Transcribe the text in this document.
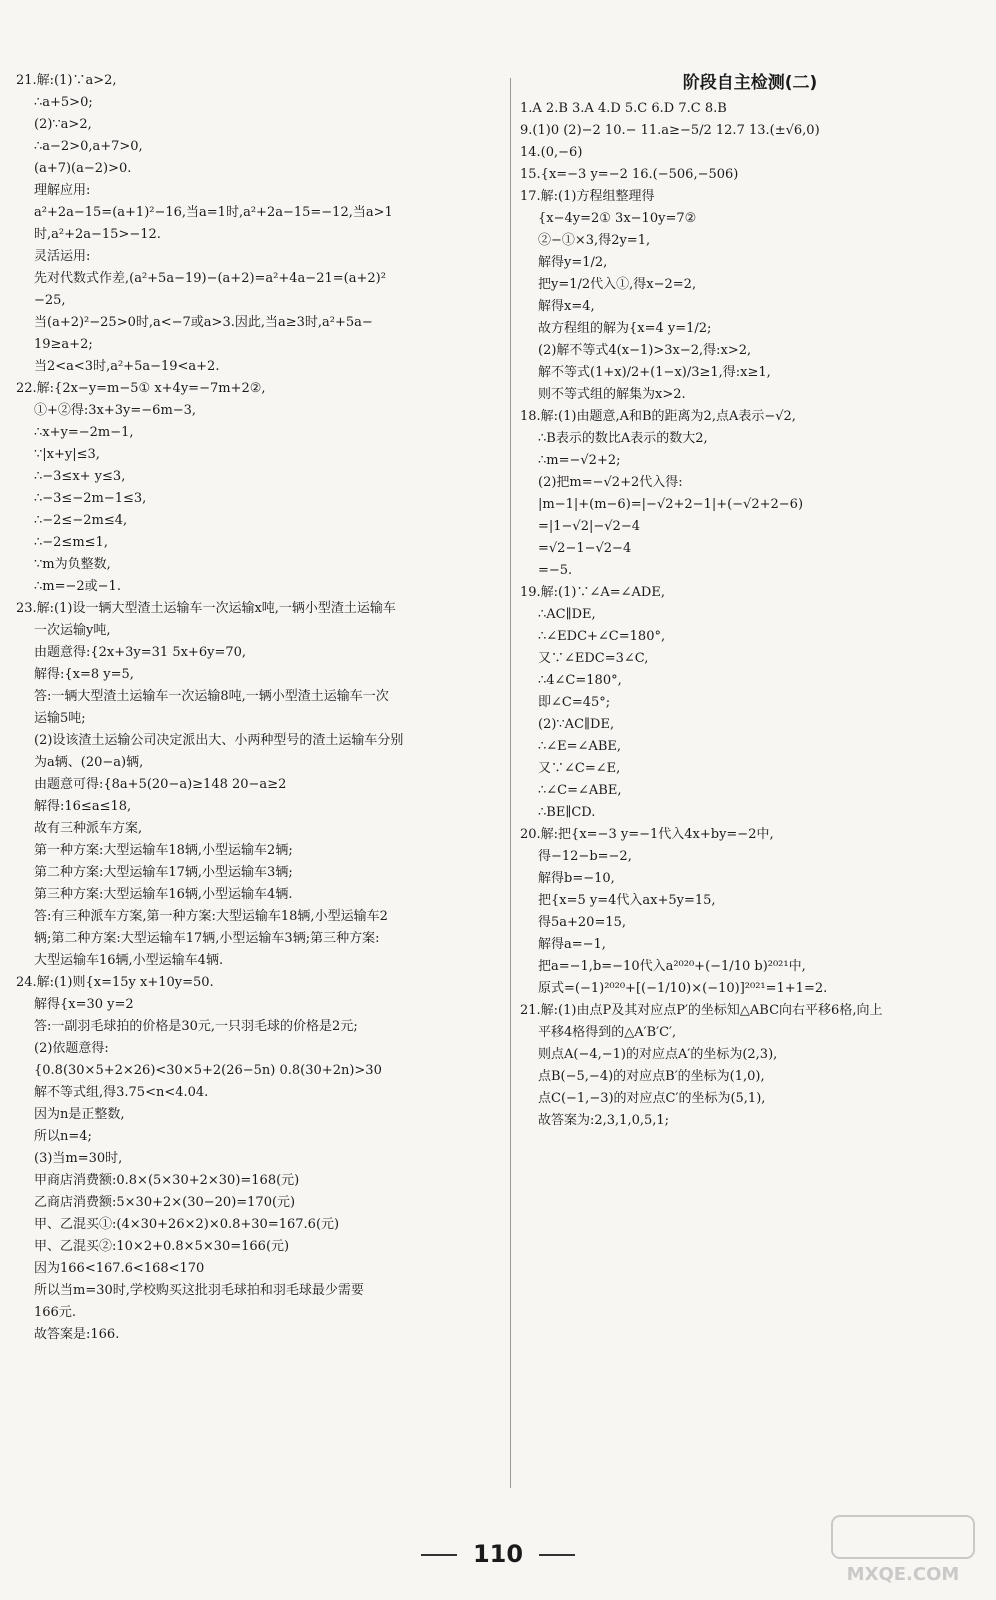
21.解:(1)∵a>2,
∴a+5>0;
(2)∵a>2,
∴a−2>0,a+7>0,
(a+7)(a−2)>0.
理解应用:
a²+2a−15=(a+1)²−16,当a=1时,a²+2a−15=−12,当a>1
时,a²+2a−15>−12.
灵活运用:
先对代数式作差,(a²+5a−19)−(a+2)=a²+4a−21=(a+2)²
−25,
当(a+2)²−25>0时,a<−7或a>3.因此,当a≥3时,a²+5a−
19≥a+2;
当2<a<3时,a²+5a−19<a+2.
22.解:{2x−y=m−5① x+4y=−7m+2②,
①+②得:3x+3y=−6m−3,
∴x+y=−2m−1,
∵|x+y|≤3,
∴−3≤x+ y≤3,
∴−3≤−2m−1≤3,
∴−2≤−2m≤4,
∴−2≤m≤1,
∵m为负整数,
∴m=−2或−1.
23.解:(1)设一辆大型渣土运输车一次运输x吨,一辆小型渣土运输车
一次运输y吨,
由题意得:{2x+3y=31 5x+6y=70,
解得:{x=8 y=5,
答:一辆大型渣土运输车一次运输8吨,一辆小型渣土运输车一次
运输5吨;
(2)设该渣土运输公司决定派出大、小两种型号的渣土运输车分别
为a辆、(20−a)辆,
由题意可得:{8a+5(20−a)≥148 20−a≥2
解得:16≤a≤18,
故有三种派车方案,
第一种方案:大型运输车18辆,小型运输车2辆;
第二种方案:大型运输车17辆,小型运输车3辆;
第三种方案:大型运输车16辆,小型运输车4辆.
答:有三种派车方案,第一种方案:大型运输车18辆,小型运输车2
辆;第二种方案:大型运输车17辆,小型运输车3辆;第三种方案:
大型运输车16辆,小型运输车4辆.
24.解:(1)则{x=15y x+10y=50.
解得{x=30 y=2
答:一副羽毛球拍的价格是30元,一只羽毛球的价格是2元;
(2)依题意得:
{0.8(30×5+2×26)<30×5+2(26−5n) 0.8(30+2n)>30
解不等式组,得3.75<n<4.04.
因为n是正整数,
所以n=4;
(3)当m=30时,
甲商店消费额:0.8×(5×30+2×30)=168(元)
乙商店消费额:5×30+2×(30−20)=170(元)
甲、乙混买①:(4×30+26×2)×0.8+30=167.6(元)
甲、乙混买②:10×2+0.8×5×30=166(元)
因为166<167.6<168<170
所以当m=30时,学校购买这批羽毛球拍和羽毛球最少需要
166元.
故答案是:166.
阶段自主检测(二)
1.A 2.B 3.A 4.D 5.C 6.D 7.C 8.B
9.(1)0 (2)−2 10.− 11.a≥−5/2 12.7 13.(±√6,0)
14.(0,−6)
15.{x=−3 y=−2 16.(−506,−506)
17.解:(1)方程组整理得
{x−4y=2① 3x−10y=7②
②−①×3,得2y=1,
解得y=1/2,
把y=1/2代入①,得x−2=2,
解得x=4,
故方程组的解为{x=4 y=1/2;
(2)解不等式4(x−1)>3x−2,得:x>2,
解不等式(1+x)/2+(1−x)/3≥1,得:x≥1,
则不等式组的解集为x>2.
18.解:(1)由题意,A和B的距离为2,点A表示−√2,
∴B表示的数比A表示的数大2,
∴m=−√2+2;
(2)把m=−√2+2代入得:
|m−1|+(m−6)=|−√2+2−1|+(−√2+2−6)
=|1−√2|−√2−4
=√2−1−√2−4
=−5.
19.解:(1)∵∠A=∠ADE,
∴AC∥DE,
∴∠EDC+∠C=180°,
又∵∠EDC=3∠C,
∴4∠C=180°,
即∠C=45°;
(2)∵AC∥DE,
∴∠E=∠ABE,
又∵∠C=∠E,
∴∠C=∠ABE,
∴BE∥CD.
20.解:把{x=−3 y=−1代入4x+by=−2中,
得−12−b=−2,
解得b=−10,
把{x=5 y=4代入ax+5y=15,
得5a+20=15,
解得a=−1,
把a=−1,b=−10代入a²⁰²⁰+(−1/10 b)²⁰²¹中,
原式=(−1)²⁰²⁰+[(−1/10)×(−10)]²⁰²¹=1+1=2.
21.解:(1)由点P及其对应点P′的坐标知△ABC向右平移6格,向上
平移4格得到的△A′B′C′,
则点A(−4,−1)的对应点A′的坐标为(2,3),
点B(−5,−4)的对应点B′的坐标为(1,0),
点C(−1,−3)的对应点C′的坐标为(5,1),
故答案为:2,3,1,0,5,1;
110
MXQE.COM
